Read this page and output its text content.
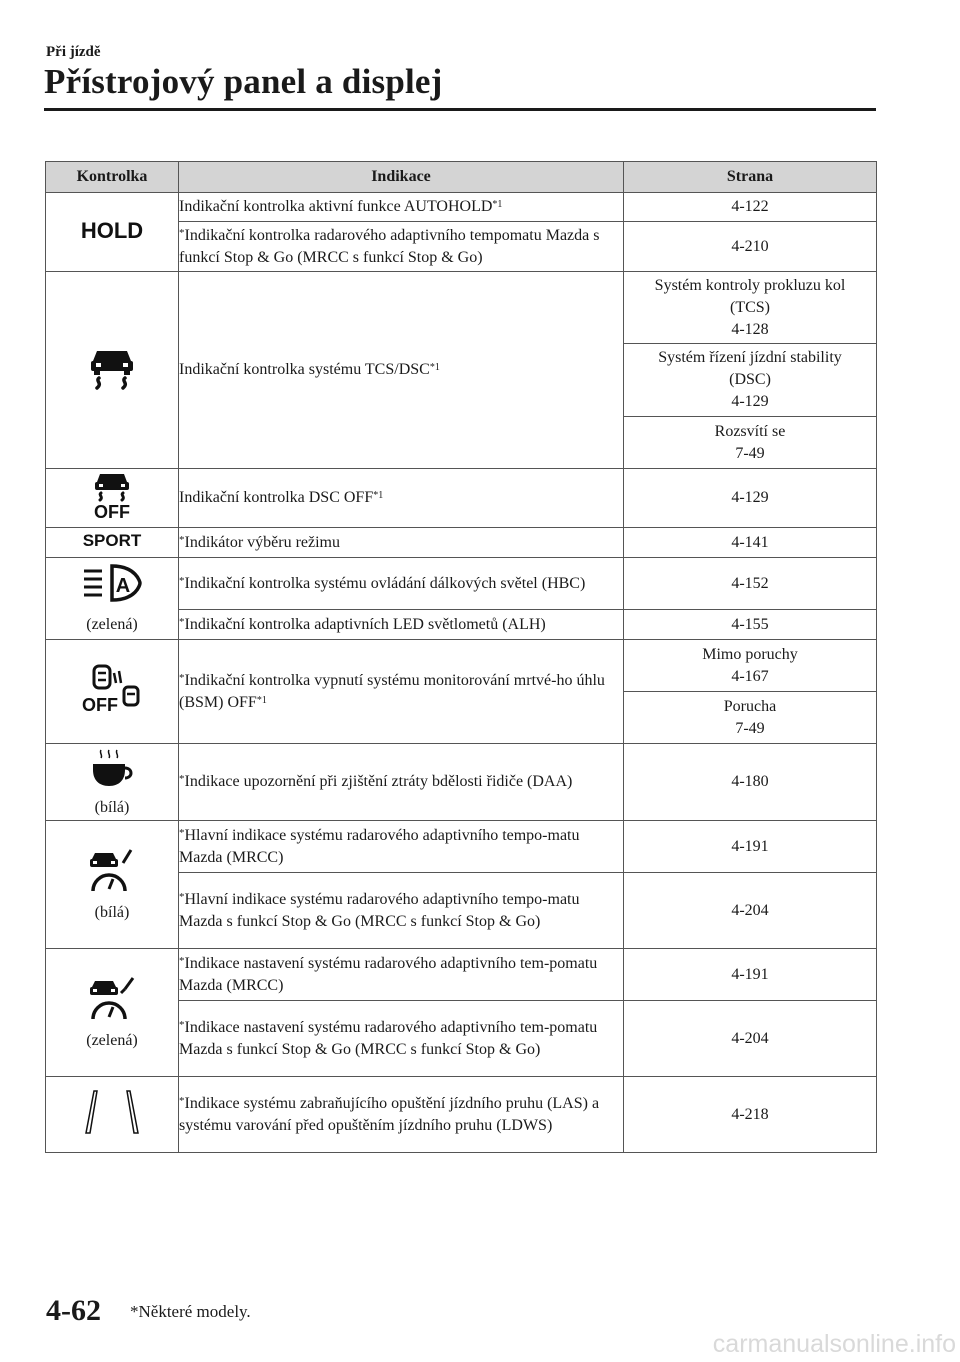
Při jízdě
Přístrojový panel a displej
Kontrolka	Indikace	Strana

HOLD	Indikační kontrolka aktivní funkce AUTOHOLD$^{*1}$	4-122
	*Indikační kontrolka radarového adaptivního tempomatu Mazda s funkcí Stop & Go (MRCC s funkcí Stop & Go)	4-210

	Indikační kontrolka systému TCS/DSC$^{*1}$	Systém kontroly prokluzu kol
(TCS)
4-128

		Systém řízení jízdní stability
(DSC)
4-129

		Rozsvítí se
7-49

OFF	Indikační kontrolka DSC OFF$^{*1}$	4-129

SPORT	*Indikátor výběru režimu	4-141

A
(zelená)	*Indikační kontrolka systému ovládání dálkových světel (HBC)	4-152
	*Indikační kontrolka adaptivních LED světlometů (ALH)	4-155

OFF	*Indikační kontrolka vypnutí systému monitorování mrtvé-ho úhlu (BSM) OFF$^{*1}$	Mimo poruchy
4-167

		Porucha
7-49

(bílá)	*Indikace upozornění při zjištění ztráty bdělosti řidiče (DAA)	4-180

(bílá)	*Hlavní indikace systému radarového adaptivního tempo-matu Mazda (MRCC)	4-191
	*Hlavní indikace systému radarového adaptivního tempo-matu Mazda s funkcí Stop & Go (MRCC s funkcí Stop & Go)	4-204

(zelená)	*Indikace nastavení systému radarového adaptivního tem-pomatu Mazda (MRCC)	4-191
	*Indikace nastavení systému radarového adaptivního tem-pomatu Mazda s funkcí Stop & Go (MRCC s funkcí Stop & Go)	4-204

	*Indikace systému zabraňujícího opuštění jízdního pruhu (LAS) a systému varování před opuštěním jízdního pruhu (LDWS)	4-218
4-62 *Některé modely.
carmanualsonline.info
